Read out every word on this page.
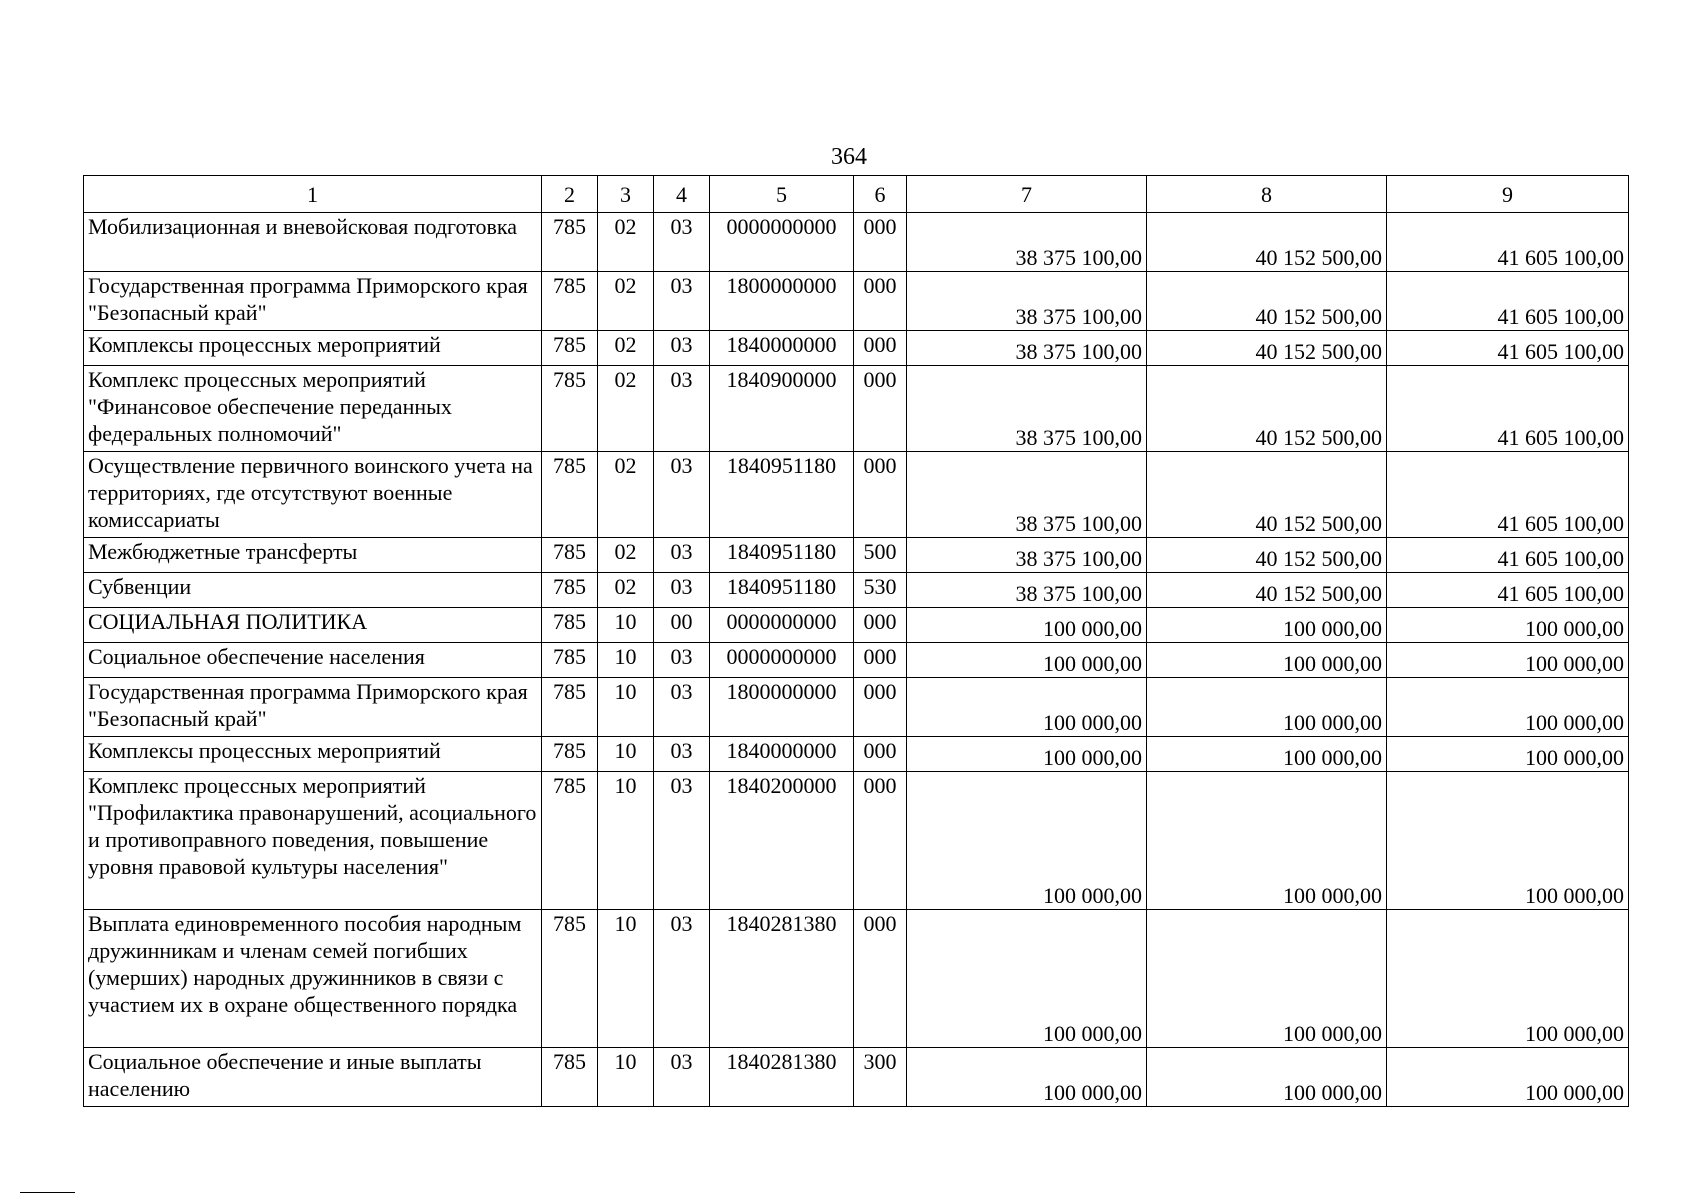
364
1	2	3	4	5	6	7	8	9
Мобилизационная и вневойсковая подготовка	785	02	03	0000000000	000	38 375 100,00	40 152 500,00	41 605 100,00
Государственная программа Приморского края "Безопасный край"	785	02	03	1800000000	000	38 375 100,00	40 152 500,00	41 605 100,00
Комплексы процессных мероприятий	785	02	03	1840000000	000	38 375 100,00	40 152 500,00	41 605 100,00
Комплекс процессных мероприятий "Финансовое обеспечение переданных федеральных полномочий"	785	02	03	1840900000	000	38 375 100,00	40 152 500,00	41 605 100,00
Осуществление первичного воинского учета на территориях, где отсутствуют военные комиссариаты	785	02	03	1840951180	000	38 375 100,00	40 152 500,00	41 605 100,00
Межбюджетные трансферты	785	02	03	1840951180	500	38 375 100,00	40 152 500,00	41 605 100,00
Субвенции	785	02	03	1840951180	530	38 375 100,00	40 152 500,00	41 605 100,00
СОЦИАЛЬНАЯ ПОЛИТИКА	785	10	00	0000000000	000	100 000,00	100 000,00	100 000,00
Социальное обеспечение населения	785	10	03	0000000000	000	100 000,00	100 000,00	100 000,00
Государственная программа Приморского края "Безопасный край"	785	10	03	1800000000	000	100 000,00	100 000,00	100 000,00
Комплексы процессных мероприятий	785	10	03	1840000000	000	100 000,00	100 000,00	100 000,00
Комплекс процессных мероприятий "Профилактика правонарушений, асоциального и противоправного поведения, повышение уровня правовой культуры населения"	785	10	03	1840200000	000	100 000,00	100 000,00	100 000,00
Выплата единовременного пособия народным дружинникам и членам семей погибших (умерших) народных дружинников в связи с участием их в охране общественного порядка	785	10	03	1840281380	000	100 000,00	100 000,00	100 000,00
Социальное обеспечение и иные выплаты населению	785	10	03	1840281380	300	100 000,00	100 000,00	100 000,00
